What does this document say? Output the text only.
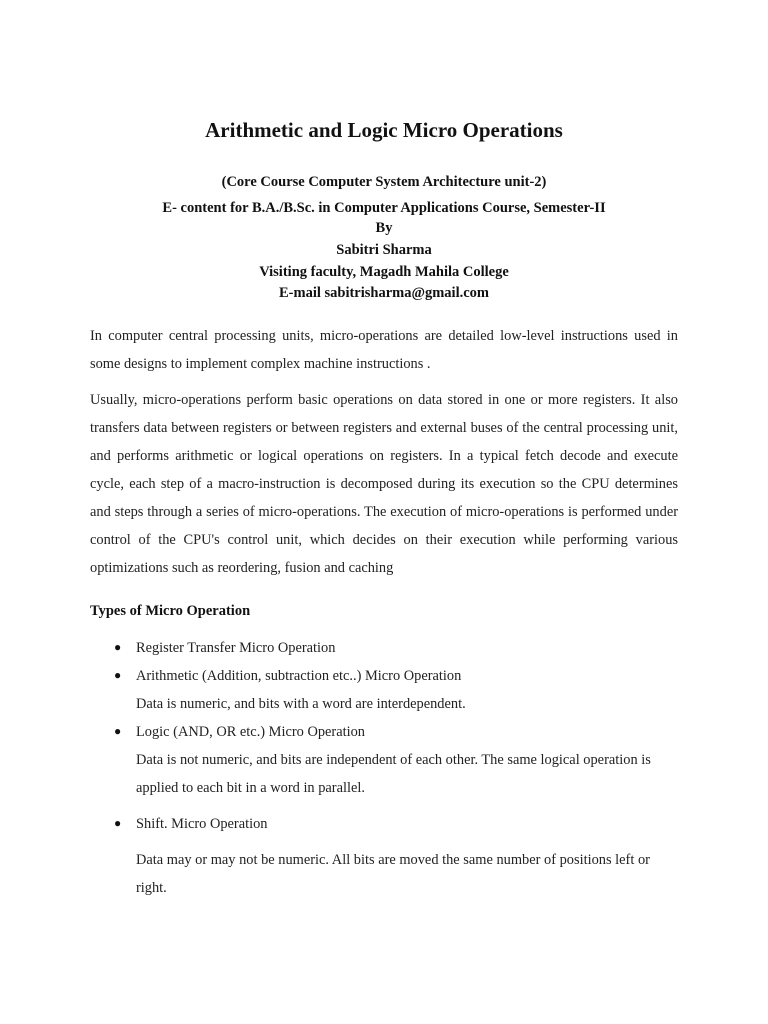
Arithmetic and Logic Micro Operations
(Core Course Computer System Architecture unit-2)
E- content for B.A./B.Sc. in Computer Applications Course, Semester-II
By
Sabitri Sharma
Visiting faculty, Magadh Mahila College
E-mail sabitrisharma@gmail.com
In computer central processing units, micro-operations are detailed low-level instructions used in some designs to implement complex machine instructions .
Usually, micro-operations perform basic operations on data stored in one or more registers. It also transfers data between registers or between registers and external buses of the central processing unit, and performs arithmetic or logical operations on registers. In a typical fetch decode and execute cycle, each step of a macro-instruction is decomposed during its execution so the CPU determines and steps through a series of micro-operations. The execution of micro-operations is performed under control of the CPU's control unit, which decides on their execution while performing various optimizations such as reordering, fusion and caching
Types of Micro Operation
● Register Transfer Micro Operation
● Arithmetic (Addition, subtraction etc..) Micro Operation
Data is numeric, and bits with a word are interdependent.
● Logic (AND, OR etc.) Micro Operation
Data is not numeric, and bits are independent of each other. The same logical operation is applied to each bit in a word in parallel.
● Shift. Micro Operation
Data may or may not be numeric. All bits are moved the same number of positions left or right.
